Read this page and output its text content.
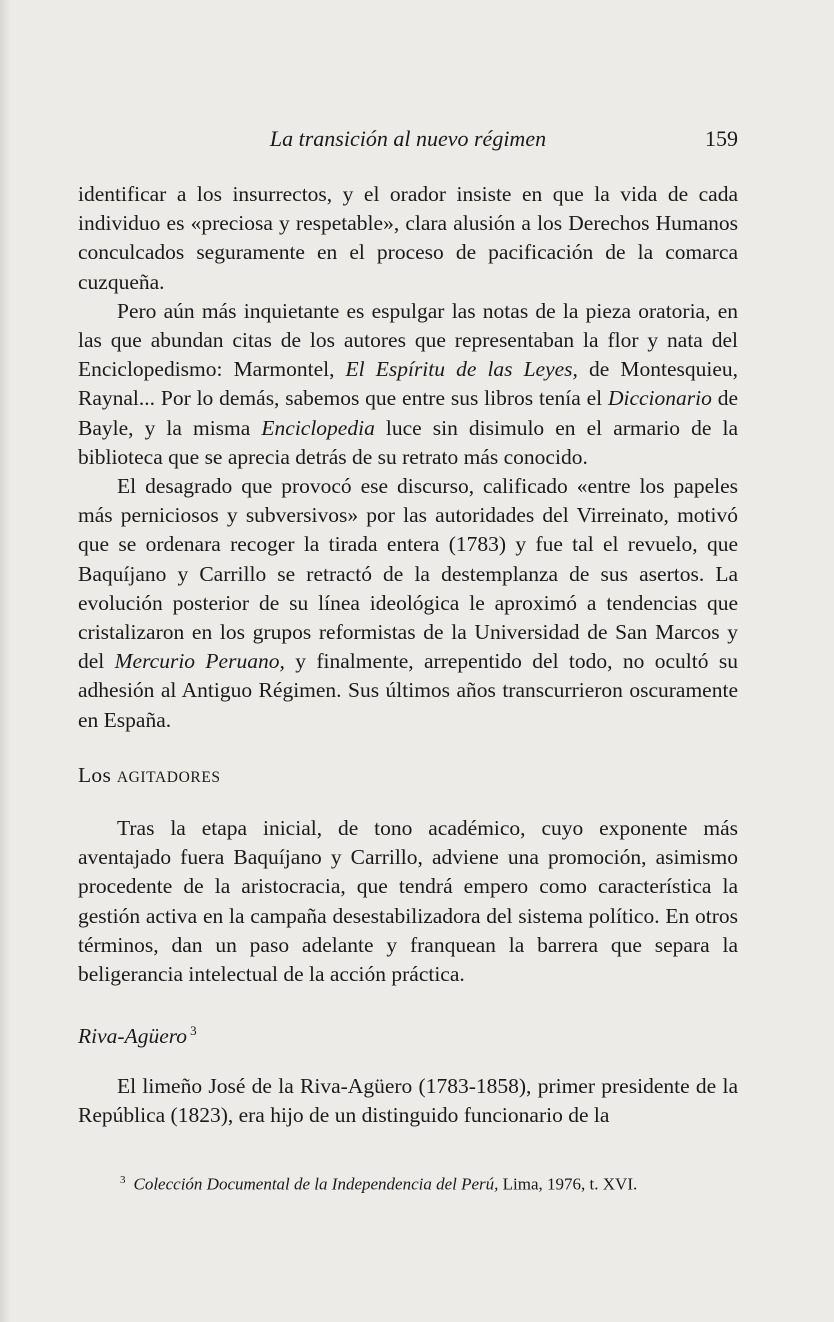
La transición al nuevo régimen	159

identificar a los insurrectos, y el orador insiste en que la vida de cada individuo es «preciosa y respetable», clara alusión a los Derechos Humanos conculcados seguramente en el proceso de pacificación de la comarca cuzqueña.

Pero aún más inquietante es espulgar las notas de la pieza oratoria, en las que abundan citas de los autores que representaban la flor y nata del Enciclopedismo: Marmontel, El Espíritu de las Leyes, de Montesquieu, Raynal... Por lo demás, sabemos que entre sus libros tenía el Diccionario de Bayle, y la misma Enciclopedia luce sin disimulo en el armario de la biblioteca que se aprecia detrás de su retrato más conocido.

El desagrado que provocó ese discurso, calificado «entre los papeles más perniciosos y subversivos» por las autoridades del Virreinato, motivó que se ordenara recoger la tirada entera (1783) y fue tal el revuelo, que Baquíjano y Carrillo se retractó de la destemplanza de sus asertos. La evolución posterior de su línea ideológica le aproximó a tendencias que cristalizaron en los grupos reformistas de la Universidad de San Marcos y del Mercurio Peruano, y finalmente, arrepentido del todo, no ocultó su adhesión al Antiguo Régimen. Sus últimos años transcurrieron oscuramente en España.

Los AGITADORES

Tras la etapa inicial, de tono académico, cuyo exponente más aventajado fuera Baquíjano y Carrillo, adviene una promoción, asimismo procedente de la aristocracia, que tendrá empero como característica la gestión activa en la campaña desestabilizadora del sistema político. En otros términos, dan un paso adelante y franquean la barrera que separa la beligerancia intelectual de la acción práctica.

Riva-Agüero $^3$

El limeño José de la Riva-Agüero (1783-1858), primer presidente de la República (1823), era hijo de un distinguido funcionario de la

$^3$ Colección Documental de la Independencia del Perú, Lima, 1976, t. XVI.
